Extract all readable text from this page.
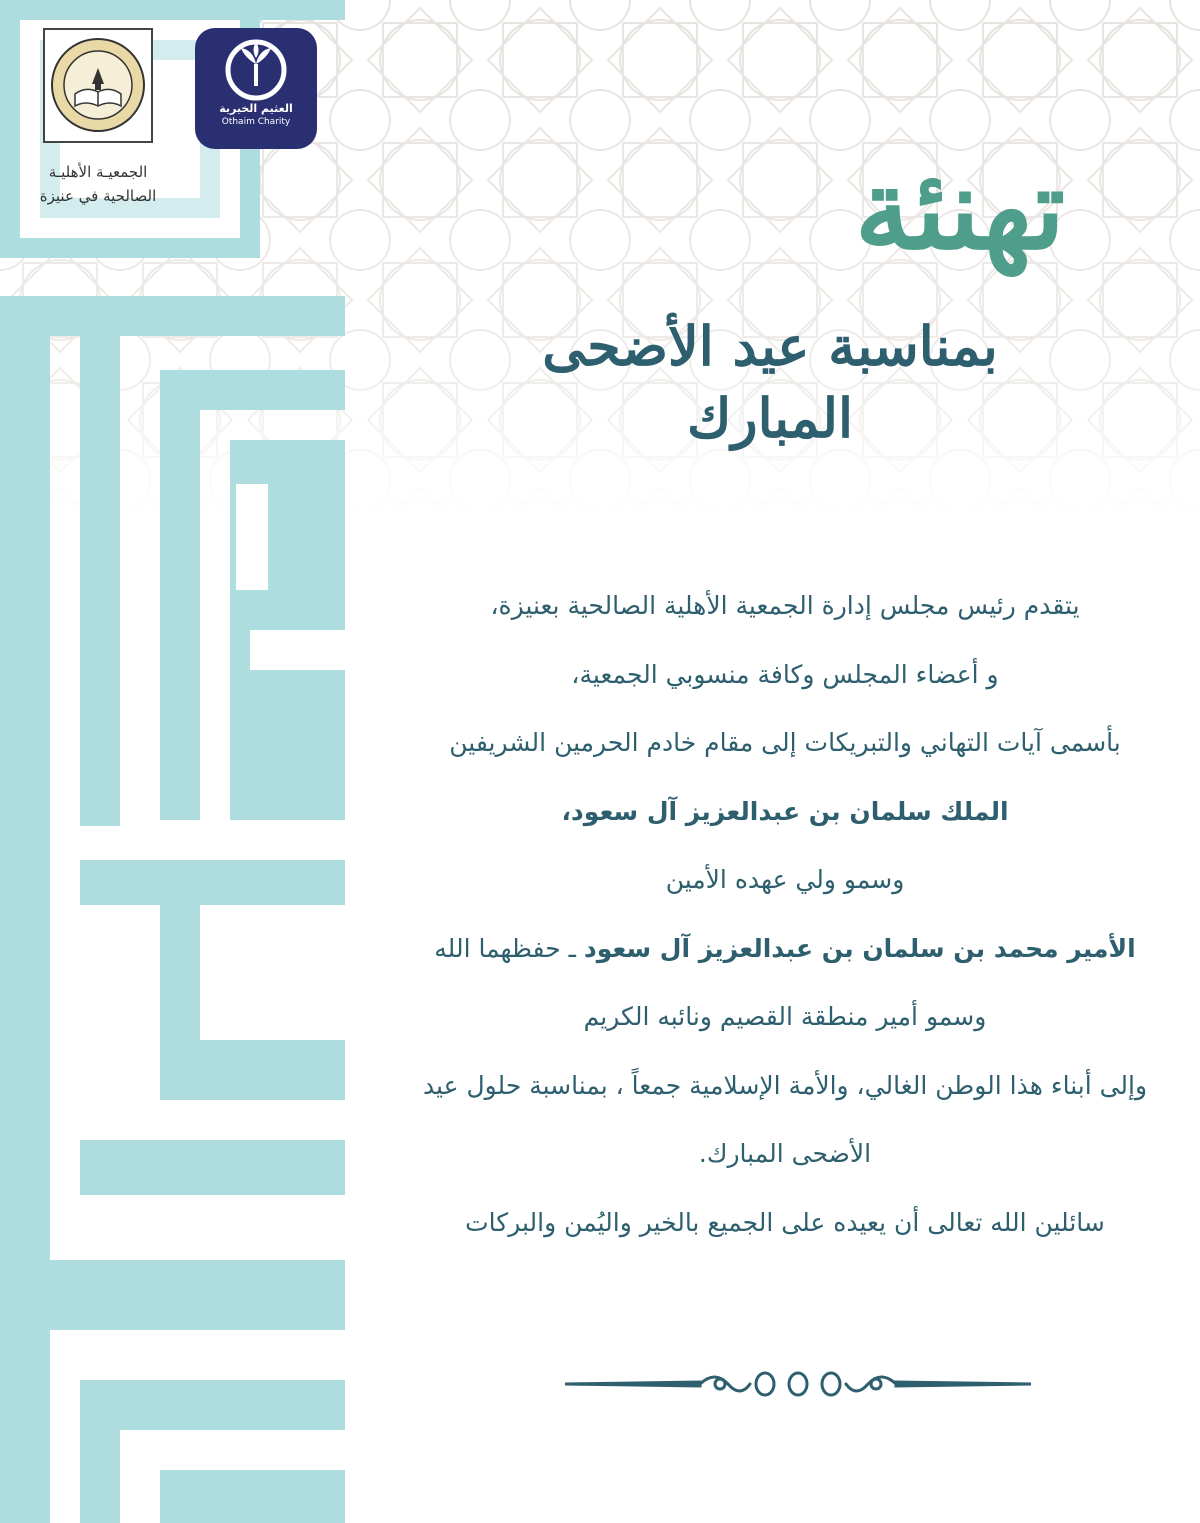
الجمعيـة الأهليـة
الصالحية في عنيزة
العثيم الخيرية
Othaim Charity
تهنئة
بمناسبة عيد الأضحى
المبارك
يتقدم رئيس مجلس إدارة الجمعية الأهلية الصالحية بعنيزة،
و أعضاء المجلس وكافة منسوبي الجمعية،
بأسمى آيات التهاني والتبريكات إلى مقام خادم الحرمين الشريفين
الملك سلمان بن عبدالعزيز آل سعود،
وسمو ولي عهده الأمين
الأمير محمد بن سلمان بن عبدالعزيز آل سعود ـ حفظهما الله
وسمو أمير منطقة القصيم ونائبه الكريم
وإلى أبناء هذا الوطن الغالي، والأمة الإسلامية جمعاً ، بمناسبة حلول عيد
الأضحى المبارك.
سائلين الله تعالى أن يعيده على الجميع بالخير واليُمن والبركات
